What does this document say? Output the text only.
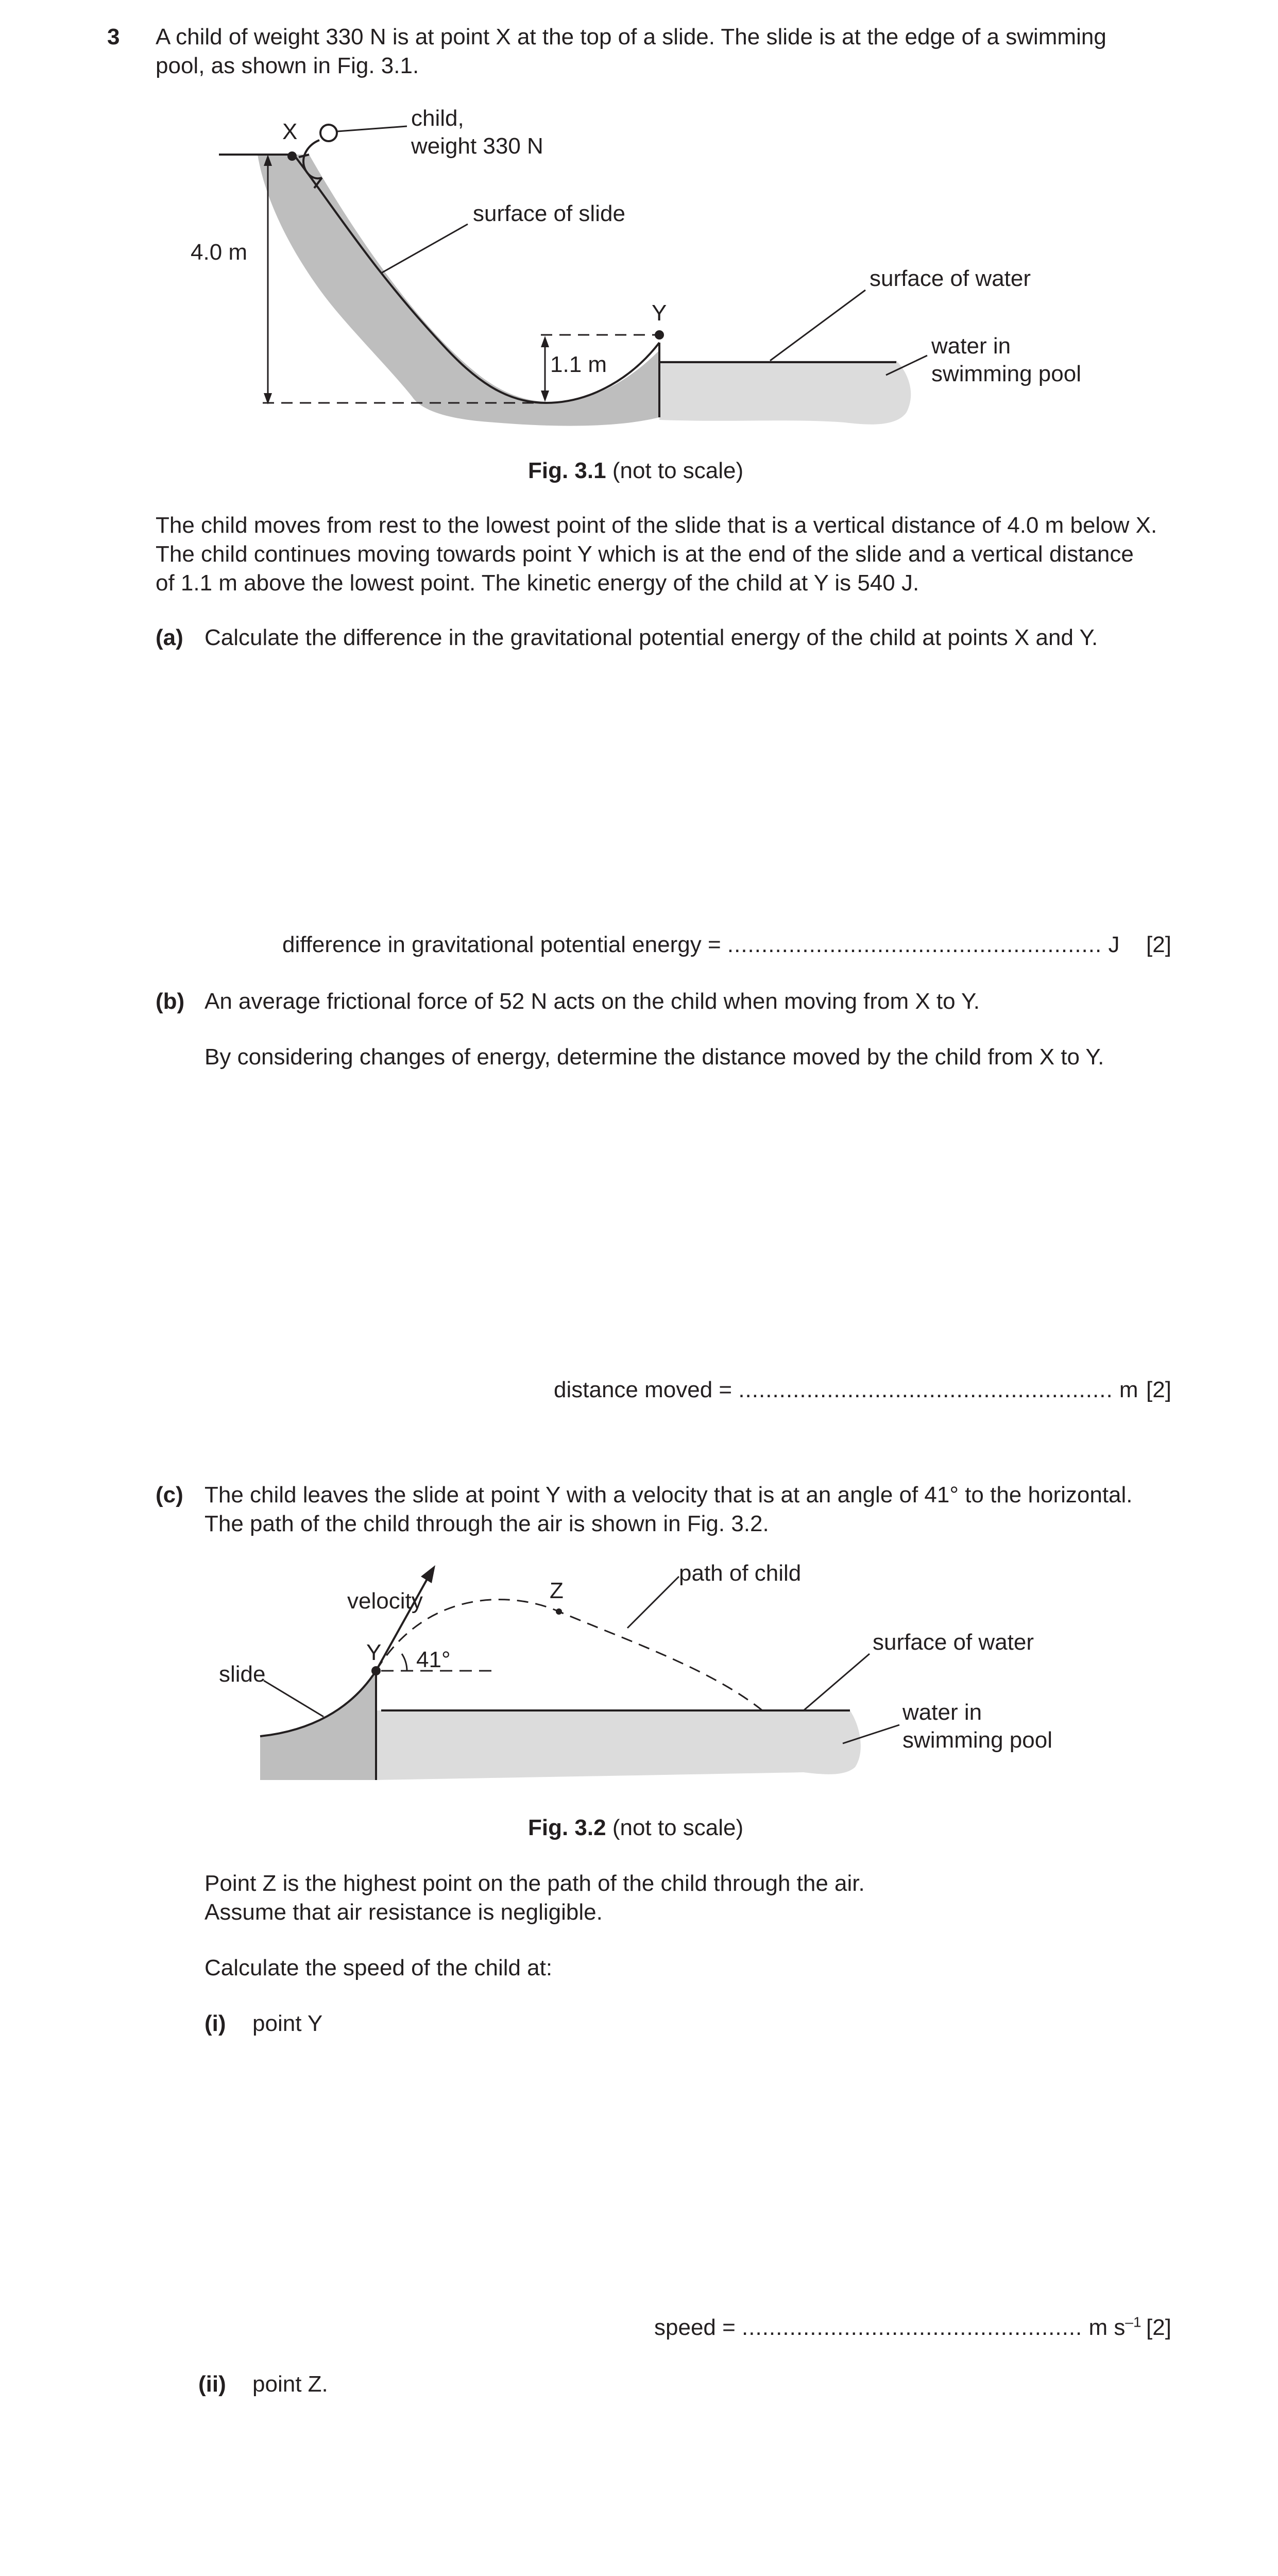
3 A child of weight 330 N is at point X at the top of a slide. The slide is at the edge of a swimming
pool, as shown in Fig. 3.1.
X
Y
child,
weight 330 N
surface of slide
surface of water
water in
swimming pool
4.0 m
1.1 m
Fig. 3.1 (not to scale)
The child moves from rest to the lowest point of the slide that is a vertical distance of 4.0 m below X.
The child continues moving towards point Y which is at the end of the slide and a vertical distance
of 1.1 m above the lowest point. The kinetic energy of the child at Y is 540 J.
(a) Calculate the difference in the gravitational potential energy of the child at points X and Y.
difference in gravitational potential energy = ....................................................... J [2]
(b) An average frictional force of 52 N acts on the child when moving from X to Y.
By considering changes of energy, determine the distance moved by the child from X to Y.
distance moved = ....................................................... m [2]
(c) The child leaves the slide at point Y with a velocity that is at an angle of 41° to the horizontal.
The path of the child through the air is shown in Fig. 3.2.
velocity	Z
Y 41°
slide
path of child
surface of water
water in
swimming pool
Fig. 3.2 (not to scale)
Point Z is the highest point on the path of the child through the air.
Assume that air resistance is negligible.
Calculate the speed of the child at:
(i) point Y
speed = .................................................. m $s^{-1}$ [2]
(ii) point Z.
